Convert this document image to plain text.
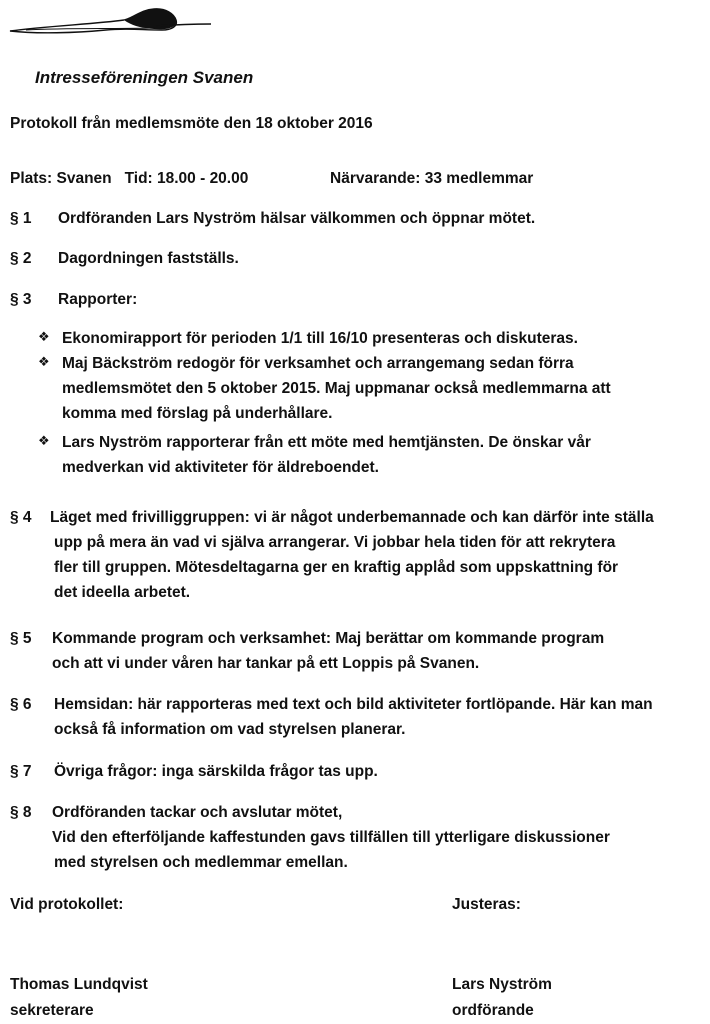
Intresseföreningen Svanen
Protokoll från medlemsmöte den 18 oktober 2016
Plats: Svanen   Tid: 18.00 - 20.00	Närvarande: 33 medlemmar
§ 1 Ordföranden Lars Nyström hälsar välkommen och öppnar mötet.
§ 2 Dagordningen fastställs.
§ 3 Rapporter:
❖ Ekonomirapport för perioden 1/1 till 16/10 presenteras och diskuteras.
❖ Maj Bäckström redogör för verksamhet och arrangemang sedan förra
medlemsmötet den 5 oktober 2015. Maj uppmanar också medlemmarna att
komma med förslag på underhållare.
❖ Lars Nyström rapporterar från ett möte med hemtjänsten. De önskar vår
medverkan vid aktiviteter för äldreboendet.
§ 4 Läget med frivilliggruppen: vi är något underbemannade och kan därför inte ställa
upp på mera än vad vi själva arrangerar. Vi jobbar hela tiden för att rekrytera
fler till gruppen. Mötesdeltagarna ger en kraftig applåd som uppskattning för
det ideella arbetet.
§ 5 Kommande program och verksamhet: Maj berättar om kommande program
och att vi under våren har tankar på ett Loppis på Svanen.
§ 6 Hemsidan: här rapporteras med text och bild aktiviteter fortlöpande. Här kan man
också få information om vad styrelsen planerar.
§ 7 Övriga frågor: inga särskilda frågor tas upp.
§ 8 Ordföranden tackar och avslutar mötet,
Vid den efterföljande kaffestunden gavs tillfällen till ytterligare diskussioner
med styrelsen och medlemmar emellan.
Vid protokollet:	Justeras:
Thomas Lundqvist
sekreterare
Lars Nyström
ordförande
